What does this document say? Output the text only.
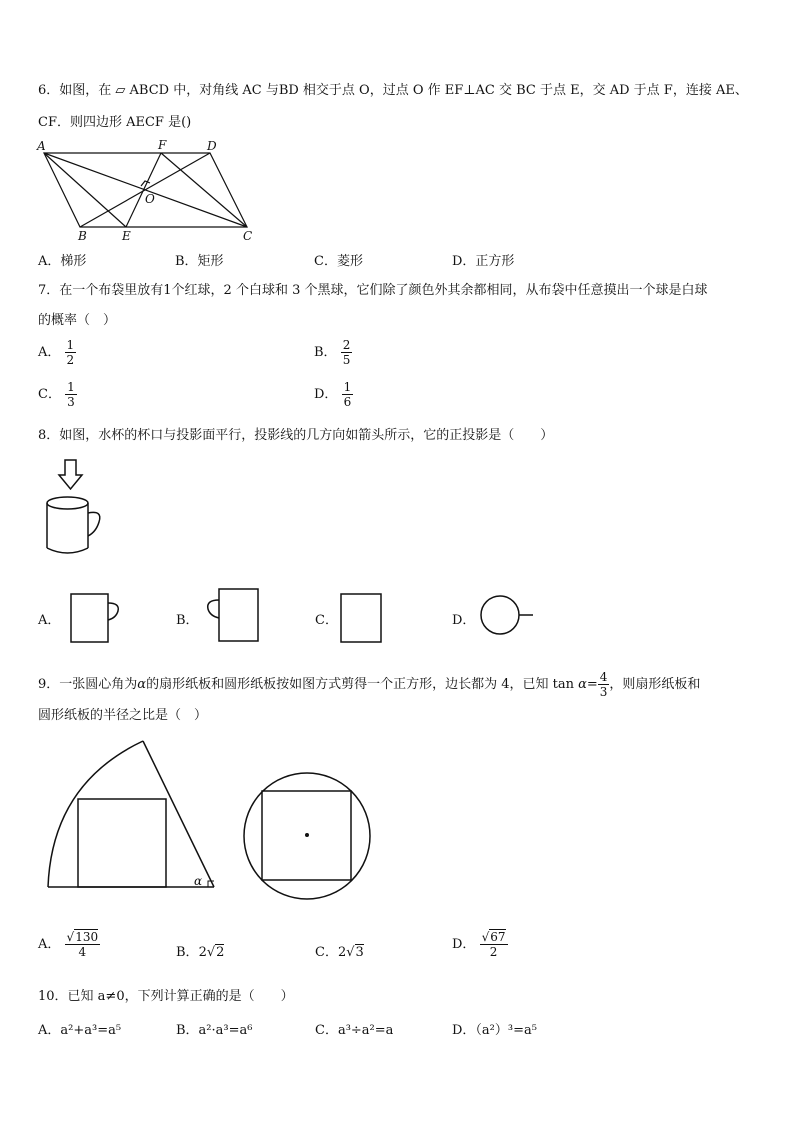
6．如图，在 ▱ ABCD 中，对角线 AC 与BD 相交于点 O，过点 O 作 EF⊥AC 交 BC 于点 E，交 AD 于点 F，连接 AE、
CF．则四边形 AECF 是()
A	F	D
O
B	E	C
A．梯形	B．矩形	C．菱形	D．正方形
7．在一个布袋里放有1个红球，2 个白球和 3 个黑球，它们除了颜色外其余都相同，从布袋中任意摸出一个球是白球
的概率（　）
A． $\frac{1}{2}$	B． $\frac{2}{5}$
C． $\frac{1}{3}$	D． $\frac{1}{6}$
8．如图，水杯的杯口与投影面平行，投影线的几方向如箭头所示，它的正投影是（　　）
A．	B．	C．	D．
9．一张圆心角为α的扇形纸板和圆形纸板按如图方式剪得一个正方形，边长都为 4，已知 $\tan \alpha= \frac{4}{3}$ ，则扇形纸板和
圆形纸板的半径之比是（　）
α
A． $\frac{√130}{4}$	B．2√2	C．2√3
D． $\frac{√67}{2}$
10．已知 a≠0，下列计算正确的是（　　）
A．a²+a³=a⁵	B．a²·a³=a⁶	C．a³÷a²=a	D．（a²）³=a⁵
